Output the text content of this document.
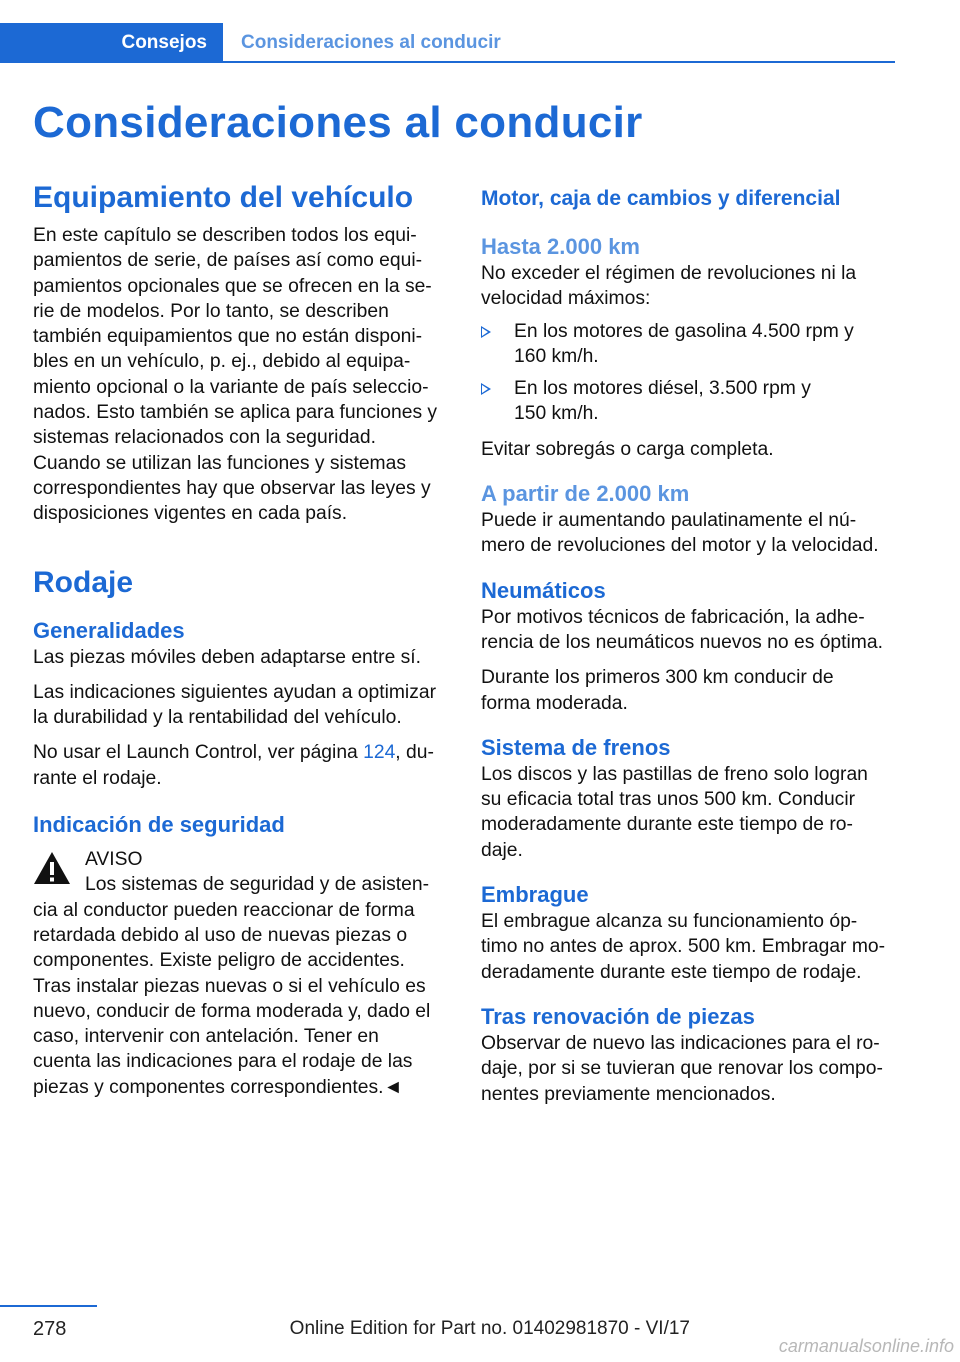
Consejos	Consideraciones al conducir
Consideraciones al conducir
Equipamiento del vehículo

En este capítulo se describen todos los equi-
pamientos de serie, de países así como equi-
pamientos opcionales que se ofrecen en la se-
rie de modelos. Por lo tanto, se describen
también equipamientos que no están disponi-
bles en un vehículo, p. ej., debido al equipa-
miento opcional o la variante de país seleccio-
nados. Esto también se aplica para funciones y
sistemas relacionados con la seguridad.
Cuando se utilizan las funciones y sistemas
correspondientes hay que observar las leyes y
disposiciones vigentes en cada país.

Rodaje
Generalidades

Las piezas móviles deben adaptarse entre sí.

Las indicaciones siguientes ayudan a optimizar
la durabilidad y la rentabilidad del vehículo.

No usar el Launch Control, ver página 124, du-
rante el rodaje.

Indicación de seguridad

AVISO
Los sistemas de seguridad y de asisten-
cia al conductor pueden reaccionar de forma
retardada debido al uso de nuevas piezas o
componentes. Existe peligro de accidentes.
Tras instalar piezas nuevas o si el vehículo es
nuevo, conducir de forma moderada y, dado el
caso, intervenir con antelación. Tener en
cuenta las indicaciones para el rodaje de las
piezas y componentes correspondientes.◄

Motor, caja de cambios y diferencial
Hasta 2.000 km

No exceder el régimen de revoluciones ni la
velocidad máximos:

En los motores de gasolina 4.500 rpm y
160 km/h.
En los motores diésel, 3.500 rpm y
150 km/h.

Evitar sobregás o carga completa.

A partir de 2.000 km

Puede ir aumentando paulatinamente el nú-
mero de revoluciones del motor y la velocidad.

Neumáticos

Por motivos técnicos de fabricación, la adhe-
rencia de los neumáticos nuevos no es óptima.

Durante los primeros 300 km conducir de
forma moderada.

Sistema de frenos

Los discos y las pastillas de freno solo logran
su eficacia total tras unos 500 km. Conducir
moderadamente durante este tiempo de ro-
daje.

Embrague

El embrague alcanza su funcionamiento óp-
timo no antes de aprox. 500 km. Embragar mo-
deradamente durante este tiempo de rodaje.

Tras renovación de piezas

Observar de nuevo las indicaciones para el ro-
daje, por si se tuvieran que renovar los compo-
nentes previamente mencionados.

278	Online Edition for Part no. 01402981870 - VI/17
carmanualsonline.info
